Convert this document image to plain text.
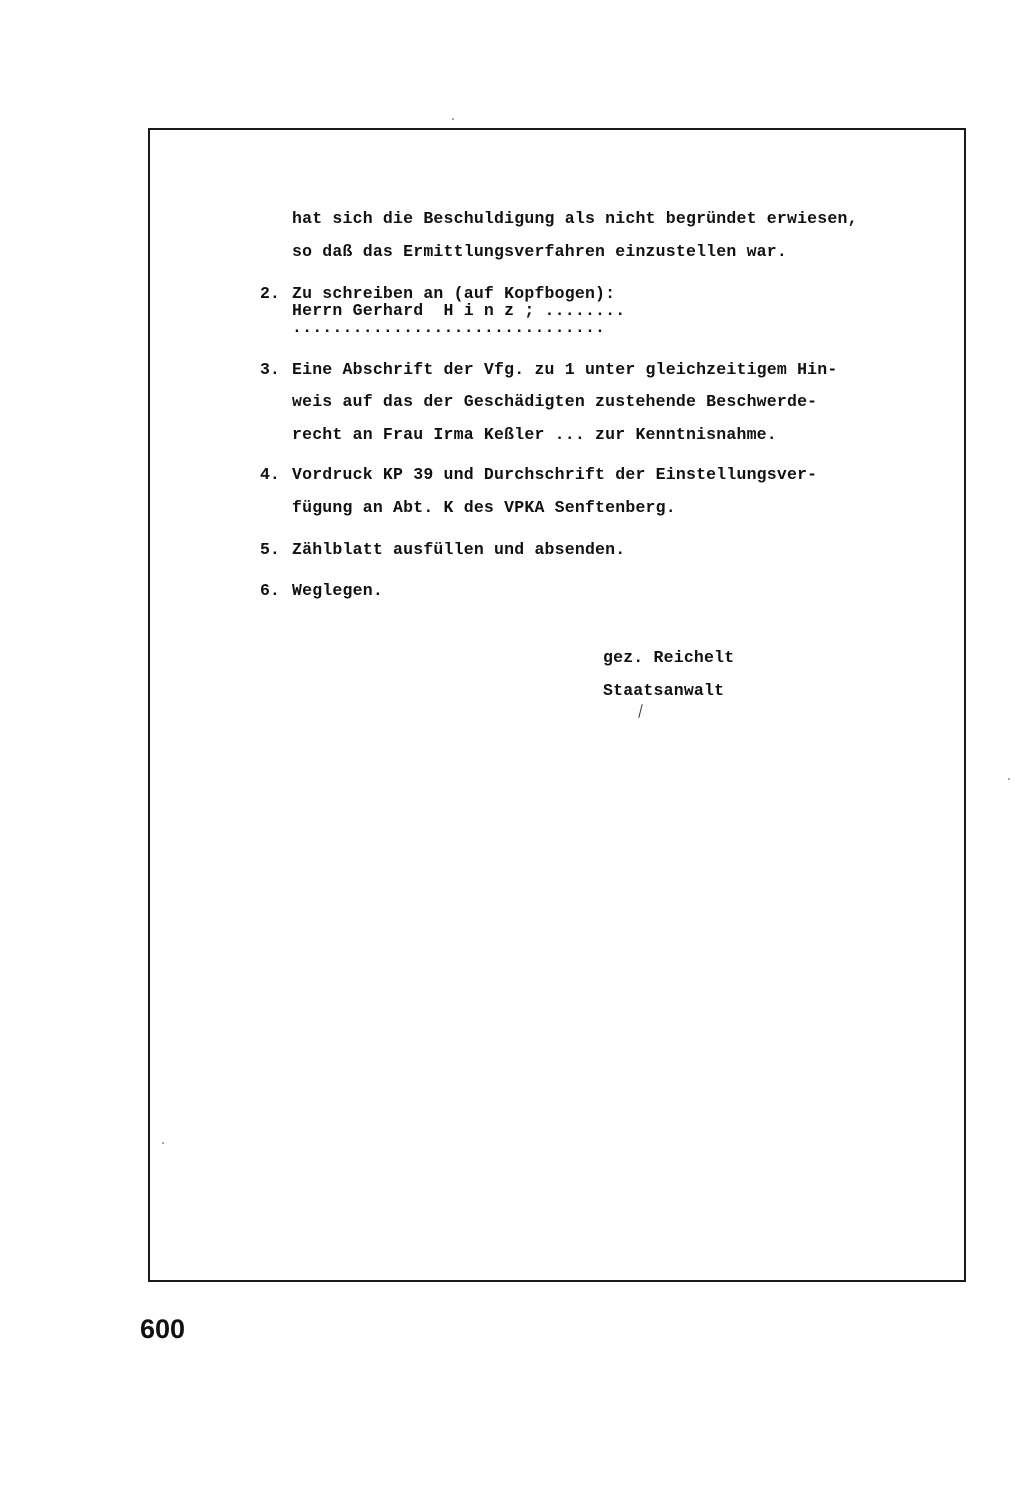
hat sich die Beschuldigung als nicht begründet erwiesen,
so daß das Ermittlungsverfahren einzustellen war.
2. Zu schreiben an (auf Kopfbogen):
Herrn Gerhard  H i n z ; ........
...............................
3. Eine Abschrift der Vfg. zu 1 unter gleichzeitigem Hin-
weis auf das der Geschädigten zustehende Beschwerde-
recht an Frau Irma Keßler ... zur Kenntnisnahme.
4. Vordruck KP 39 und Durchschrift der Einstellungsver-
fügung an Abt. K des VPKA Senftenberg.
5. Zählblatt ausfüllen und absenden.
6. Weglegen.
gez. Reichelt
Staatsanwalt
600
